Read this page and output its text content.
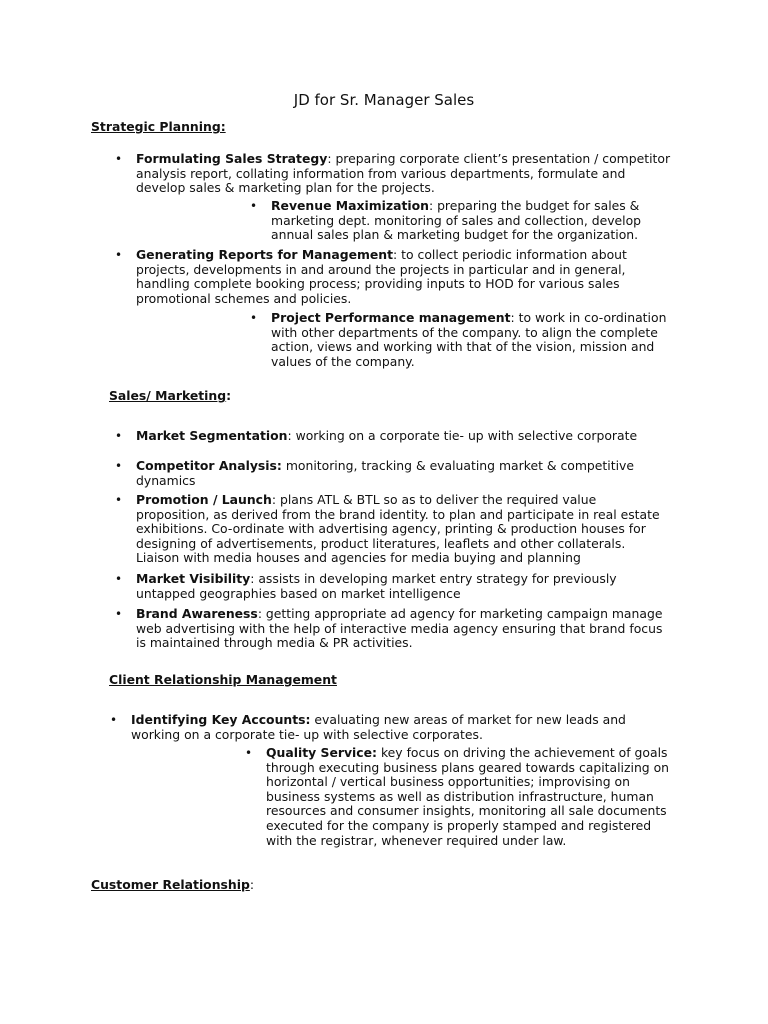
JD for Sr. Manager Sales
Strategic Planning:
• Formulating Sales Strategy: preparing corporate client’s presentation / competitor
analysis report, collating information from various departments, formulate and
develop sales & marketing plan for the projects.
• Revenue Maximization: preparing the budget for sales &
marketing dept. monitoring of sales and collection, develop
annual sales plan & marketing budget for the organization.
• Generating Reports for Management: to collect periodic information about
projects, developments in and around the projects in particular and in general,
handling complete booking process; providing inputs to HOD for various sales
promotional schemes and policies.
• Project Performance management: to work in co-ordination
with other departments of the company. to align the complete
action, views and working with that of the vision, mission and
values of the company.
Sales/ Marketing:
• Market Segmentation: working on a corporate tie- up with selective corporate
• Competitor Analysis: monitoring, tracking & evaluating market & competitive
dynamics
• Promotion / Launch: plans ATL & BTL so as to deliver the required value
proposition, as derived from the brand identity. to plan and participate in real estate
exhibitions. Co-ordinate with advertising agency, printing & production houses for
designing of advertisements, product literatures, leaflets and other collaterals.
Liaison with media houses and agencies for media buying and planning
• Market Visibility: assists in developing market entry strategy for previously
untapped geographies based on market intelligence
• Brand Awareness: getting appropriate ad agency for marketing campaign manage
web advertising with the help of interactive media agency ensuring that brand focus
is maintained through media & PR activities.
Client Relationship Management
• Identifying Key Accounts: evaluating new areas of market for new leads and
working on a corporate tie- up with selective corporates.
• Quality Service: key focus on driving the achievement of goals
through executing business plans geared towards capitalizing on
horizontal / vertical business opportunities; improvising on
business systems as well as distribution infrastructure, human
resources and consumer insights, monitoring all sale documents
executed for the company is properly stamped and registered
with the registrar, whenever required under law.
Customer Relationship:
